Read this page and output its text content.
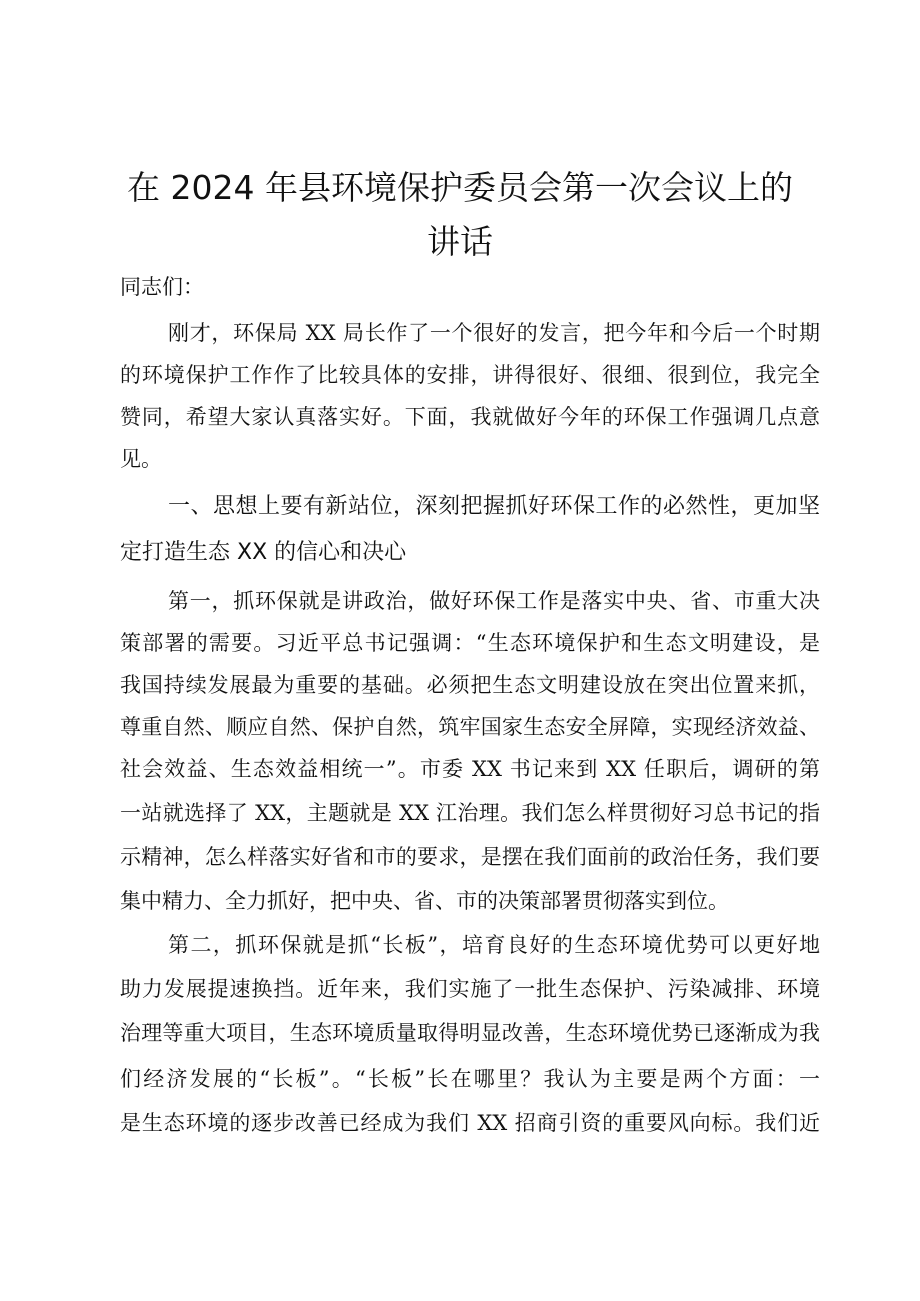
在 2024 年县环境保护委员会第一次会议上的
讲话
同志们：
刚才，环保局 XX 局长作了一个很好的发言，把今年和今后一个时期
的环境保护工作作了比较具体的安排，讲得很好、很细、很到位，我完全
赞同，希望大家认真落实好。下面，我就做好今年的环保工作强调几点意
见。
一、思想上要有新站位，深刻把握抓好环保工作的必然性，更加坚
定打造生态 XX 的信心和决心
第一，抓环保就是讲政治，做好环保工作是落实中央、省、市重大决
策部署的需要。习近平总书记强调：“生态环境保护和生态文明建设，是
我国持续发展最为重要的基础。必须把生态文明建设放在突出位置来抓，
尊重自然、顺应自然、保护自然，筑牢国家生态安全屏障，实现经济效益、
社会效益、生态效益相统一”。市委 XX 书记来到 XX 任职后，调研的第
一站就选择了 XX，主题就是 XX 江治理。我们怎么样贯彻好习总书记的指
示精神，怎么样落实好省和市的要求，是摆在我们面前的政治任务，我们要
集中精力、全力抓好，把中央、省、市的决策部署贯彻落实到位。
第二，抓环保就是抓“长板”，培育良好的生态环境优势可以更好地
助力发展提速换挡。近年来，我们实施了一批生态保护、污染减排、环境
治理等重大项目，生态环境质量取得明显改善，生态环境优势已逐渐成为我
们经济发展的“长板”。“长板”长在哪里？我认为主要是两个方面：一
是生态环境的逐步改善已经成为我们 XX 招商引资的重要风向标。我们近
